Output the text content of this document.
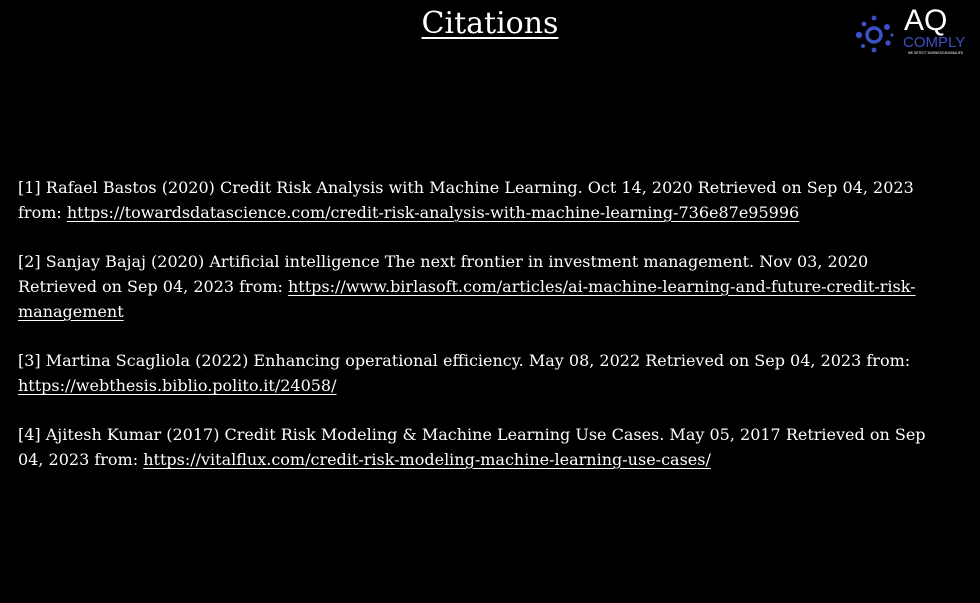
Citations	AQ
COMPLY
WE DETECT BUSINESS ANOMALIES

[1] Rafael Bastos (2020) Credit Risk Analysis with Machine Learning. Oct 14, 2020 Retrieved on Sep 04, 2023 from: https://towardsdatascience.com/credit-risk-analysis-with-machine-learning-736e87e95996

[2] Sanjay Bajaj (2020) Artificial intelligence The next frontier in investment management. Nov 03, 2020 Retrieved on Sep 04, 2023 from: https://www.birlasoft.com/articles/ai-machine-learning-and-future-credit-risk-management

[3] Martina Scagliola (2022) Enhancing operational efficiency. May 08, 2022 Retrieved on Sep 04, 2023 from: https://webthesis.biblio.polito.it/24058/

[4] Ajitesh Kumar (2017) Credit Risk Modeling & Machine Learning Use Cases. May 05, 2017 Retrieved on Sep 04, 2023 from: https://vitalflux.com/credit-risk-modeling-machine-learning-use-cases/
